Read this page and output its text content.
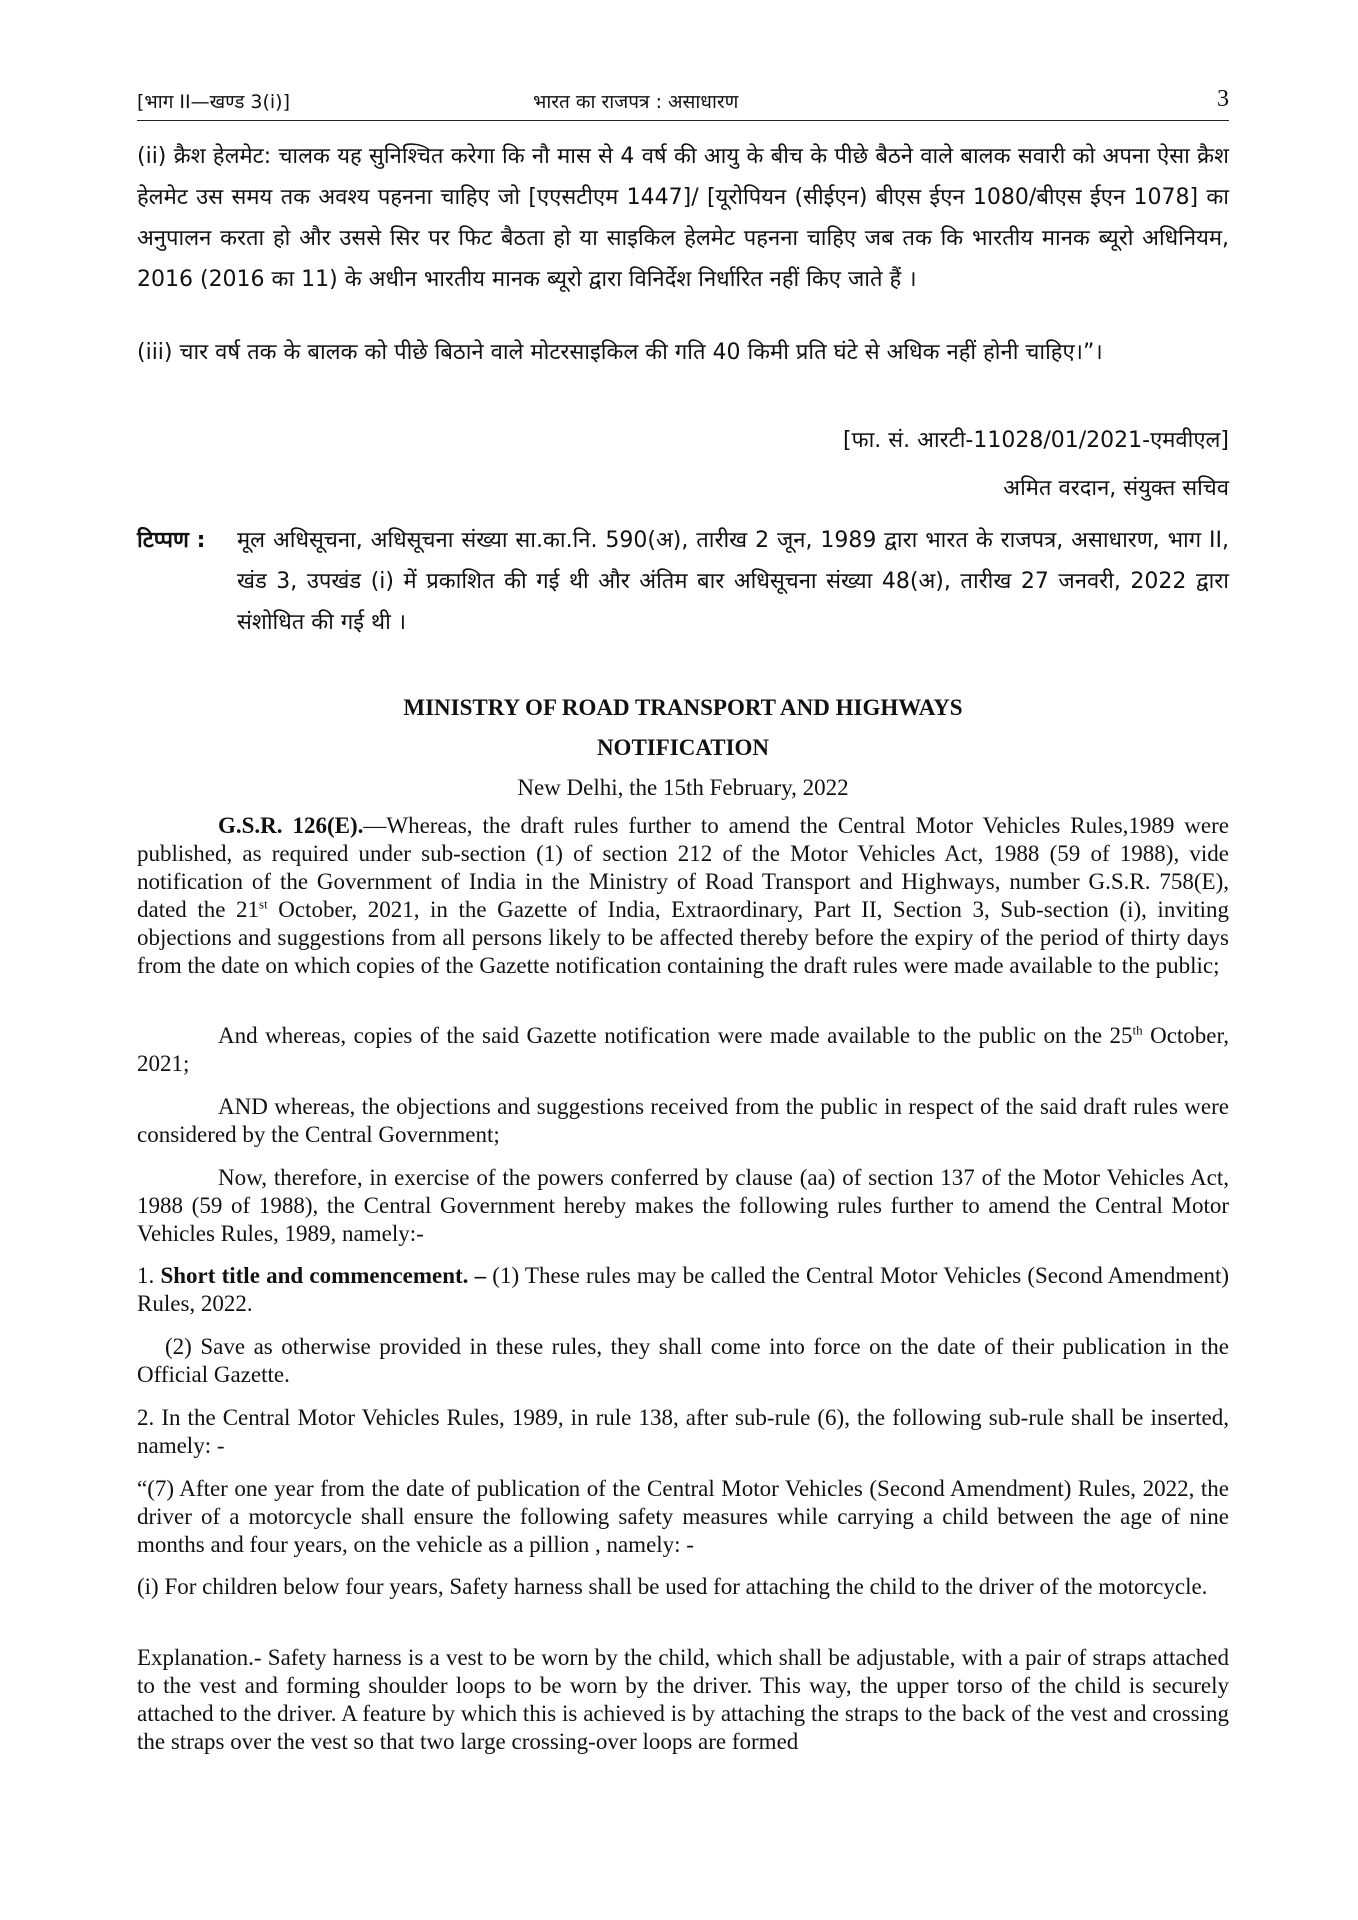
[भाग II—खण्ड 3(i)]	भारत का राजपत्र : असाधारण	3

(ii) क्रैश हेलमेट: चालक यह सुनिश्चित करेगा कि नौ मास से 4 वर्ष की आयु के बीच के पीछे बैठने वाले बालक सवारी को अपना ऐसा क्रैश हेलमेट उस समय तक अवश्य पहनना चाहिए जो [एएसटीएम 1447]/ [यूरोपियन (सीईएन) बीएस ईएन 1080/बीएस ईएन 1078] का अनुपालन करता हो और उससे सिर पर फिट बैठता हो या साइकिल हेलमेट पहनना चाहिए जब तक कि भारतीय मानक ब्यूरो अधिनियम, 2016 (2016 का 11) के अधीन भारतीय मानक ब्यूरो द्वारा विनिर्देश निर्धारित नहीं किए जाते हैं ।

(iii) चार वर्ष तक के बालक को पीछे बिठाने वाले मोटरसाइकिल की गति 40 किमी प्रति घंटे से अधिक नहीं होनी चाहिए।”।

[फा. सं. आरटी-11028/01/2021-एमवीएल]

अमित वरदान, संयुक्त सचिव

टिप्पण : मूल अधिसूचना, अधिसूचना संख्या सा.का.नि. 590(अ), तारीख 2 जून, 1989 द्वारा भारत के राजपत्र, असाधारण, भाग II, खंड 3, उपखंड (i) में प्रकाशित की गई थी और अंतिम बार अधिसूचना संख्या 48(अ), तारीख 27 जनवरी, 2022 द्वारा संशोधित की गई थी ।

MINISTRY OF ROAD TRANSPORT AND HIGHWAYS

NOTIFICATION

New Delhi, the 15th February, 2022

G.S.R. 126(E).—Whereas, the draft rules further to amend the Central Motor Vehicles Rules,1989 were published, as required under sub-section (1) of section 212 of the Motor Vehicles Act, 1988 (59 of 1988), vide notification of the Government of India in the Ministry of Road Transport and Highways, number G.S.R. 758(E), dated the 21st October, 2021, in the Gazette of India, Extraordinary, Part II, Section 3, Sub-section (i), inviting objections and suggestions from all persons likely to be affected thereby before the expiry of the period of thirty days from the date on which copies of the Gazette notification containing the draft rules were made available to the public;

And whereas, copies of the said Gazette notification were made available to the public on the 25th October, 2021;

AND whereas, the objections and suggestions received from the public in respect of the said draft rules were considered by the Central Government;

Now, therefore, in exercise of the powers conferred by clause (aa) of section 137 of the Motor Vehicles Act, 1988 (59 of 1988), the Central Government hereby makes the following rules further to amend the Central Motor Vehicles Rules, 1989, namely:-

1. Short title and commencement. – (1) These rules may be called the Central Motor Vehicles (Second Amendment) Rules, 2022.

(2) Save as otherwise provided in these rules, they shall come into force on the date of their publication in the Official Gazette.

2. In the Central Motor Vehicles Rules, 1989, in rule 138, after sub-rule (6), the following sub-rule shall be inserted, namely: -

“(7) After one year from the date of publication of the Central Motor Vehicles (Second Amendment) Rules, 2022, the driver of a motorcycle shall ensure the following safety measures while carrying a child between the age of nine months and four years, on the vehicle as a pillion , namely: -

(i) For children below four years, Safety harness shall be used for attaching the child to the driver of the motorcycle.

Explanation.- Safety harness is a vest to be worn by the child, which shall be adjustable, with a pair of straps attached to the vest and forming shoulder loops to be worn by the driver. This way, the upper torso of the child is securely attached to the driver. A feature by which this is achieved is by attaching the straps to the back of the vest and crossing the straps over the vest so that two large crossing-over loops are formed
